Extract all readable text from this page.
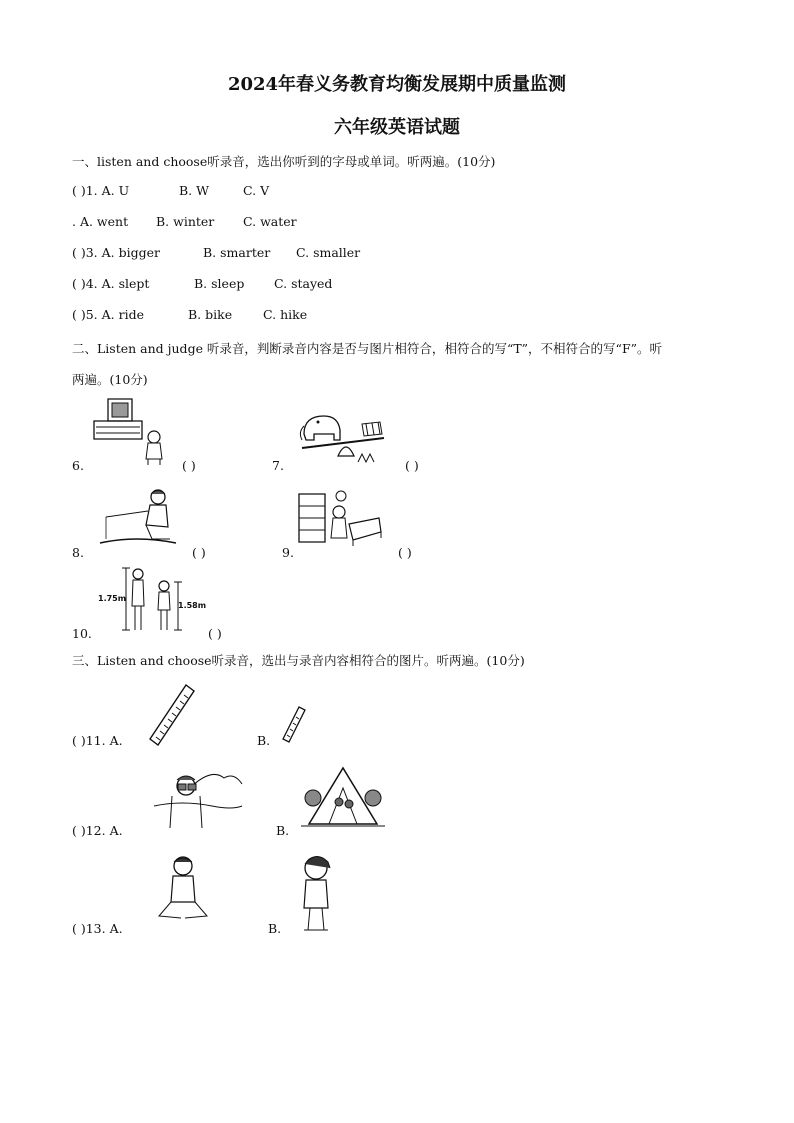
2024年春义务教育均衡发展期中质量监测
六年级英语试题
一、listen and choose听录音，选出你听到的字母或单词。听两遍。(10分)
( )1. A. U	B. W	C. V
. A. went B. winter C. water
( )3. A. bigger	B. smarter C. smaller
( )4. A. slept	B. sleep C. stayed
( )5. A. ride	B. bike C. hike
二、Listen and judge 听录音，判断录音内容是否与图片相符合，相符合的写“T”，不相符合的写“F”。听
两遍。(10分)
6.	( )	7.	( )
8.	( )	9.	( )
1.75m
1.58m
10.	( )
三、Listen and choose听录音，选出与录音内容相符合的图片。听两遍。(10分)
( )11. A.	B.
( )12. A.	B.
( )13. A.	B.
